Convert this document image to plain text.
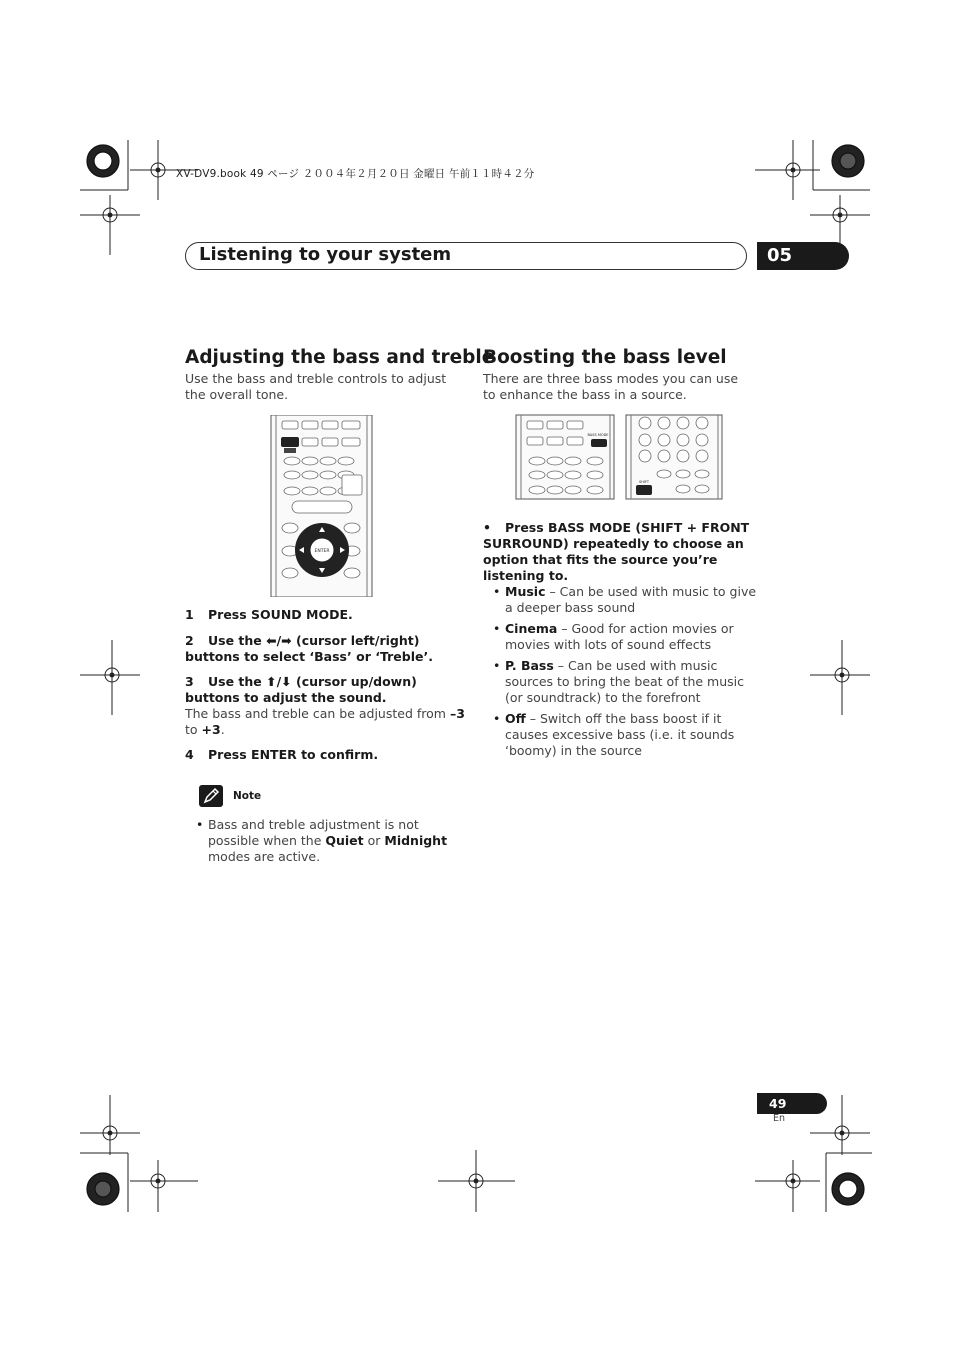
XV-DV9.book 49 ページ ２００４年２月２０日 金曜日 午前１１時４２分
Listening to your system	05
Adjusting the bass and treble
Use the bass and treble controls to adjust the overall tone.
ENTER
1 Press SOUND MODE.
2 Use the ⬅/➡ (cursor left/right) buttons to select ‘Bass’ or ‘Treble’.
3 Use the ⬆/⬇ (cursor up/down) buttons to adjust the sound.
The bass and treble can be adjusted from –3 to +3.
4 Press ENTER to confirm.
Note
• Bass and treble adjustment is not possible when the Quiet or Midnight modes are active.
Boosting the bass level
There are three bass modes you can use to enhance the bass in a source.
BASS MODE
SHIFT
• Press BASS MODE (SHIFT + FRONT SURROUND) repeatedly to choose an option that fits the source you’re listening to.
• Music – Can be used with music to give a deeper bass sound
• Cinema – Good for action movies or movies with lots of sound effects
• P. Bass – Can be used with music sources to bring the beat of the music (or soundtrack) to the forefront
• Off – Switch off the bass boost if it causes excessive bass (i.e. it sounds ‘boomy) in the source
49
En
